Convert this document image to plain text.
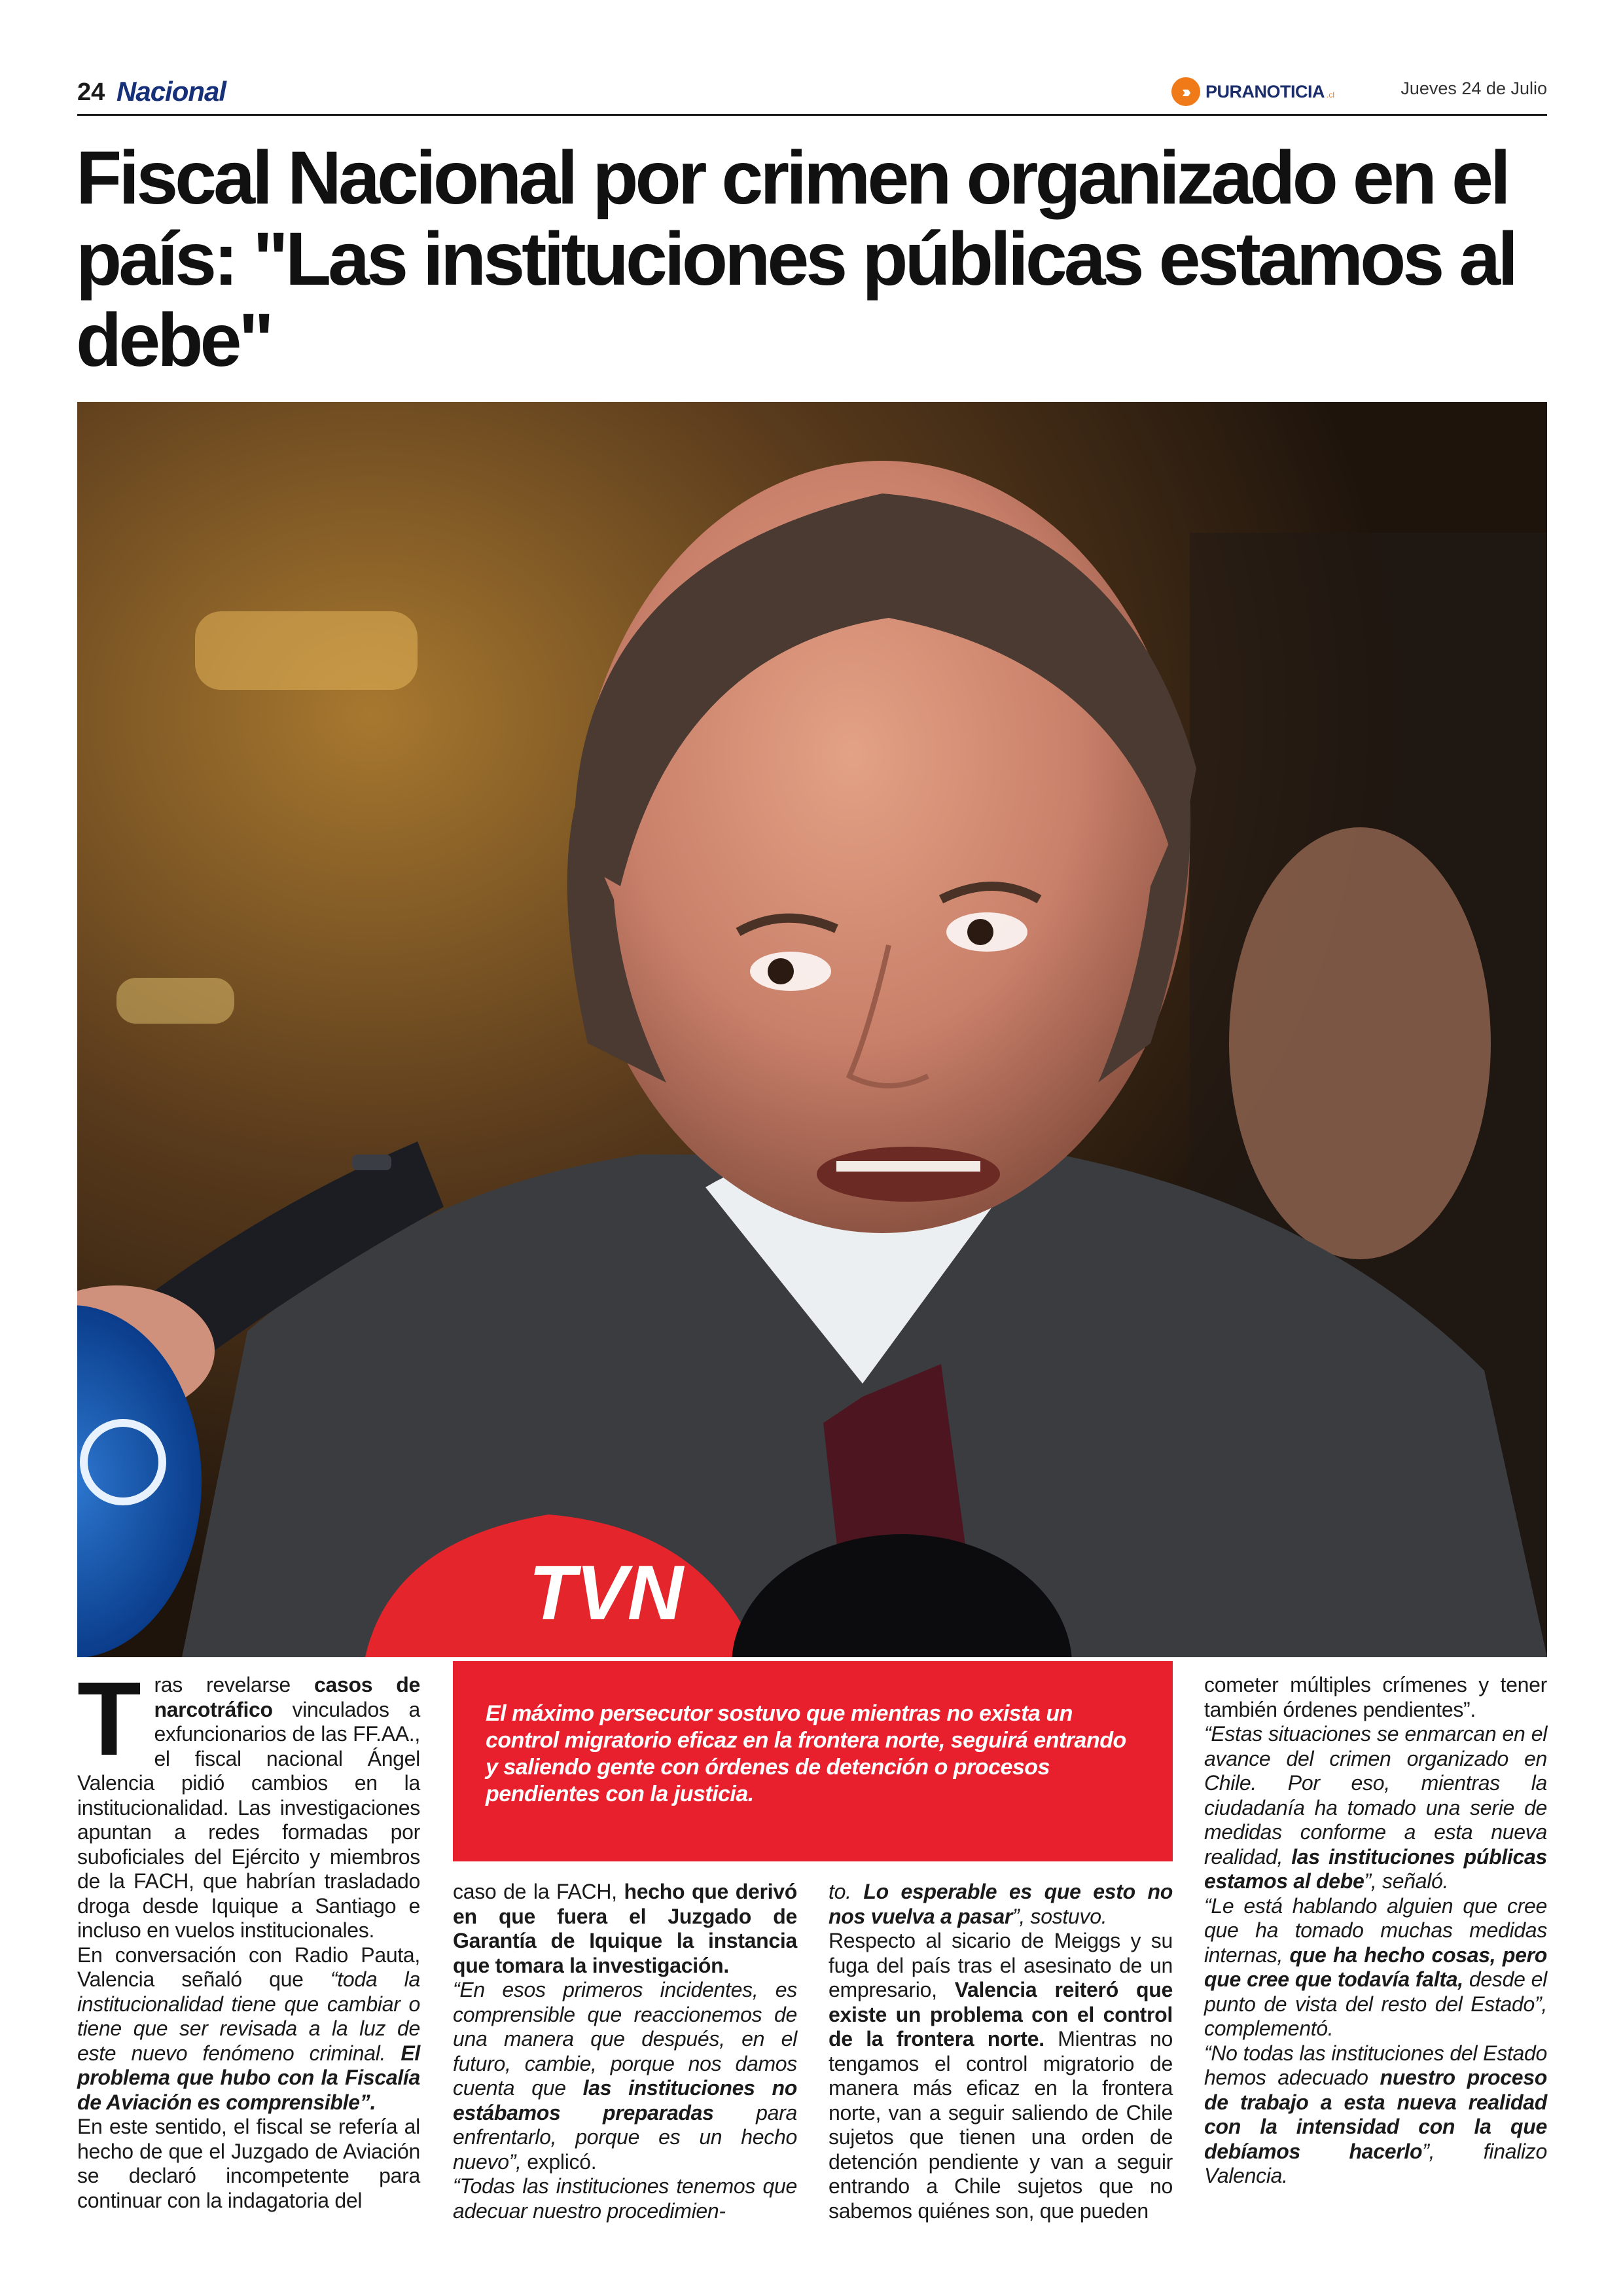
24 Nacional	›››	PURANOTICIA .cl	Jueves 24 de Julio
Fiscal Nacional por crimen organizado en el país: "Las instituciones públicas estamos al debe"
TVN
El máximo persecutor sostuvo que mientras no exista un control migratorio eficaz en la frontera norte, seguirá entrando y saliendo gente con órdenes de detención o procesos pendientes con la justicia.

Tras revelarse casos de narcotráfico vinculados a exfuncionarios de las FF.AA., el fiscal nacional Ángel Valencia pidió cambios en la institucionalidad. Las investigaciones apuntan a redes formadas por suboficiales del Ejército y miembros de la FACH, que habrían trasladado droga desde Iquique a Santiago e incluso en vuelos institucionales.

En conversación con Radio Pauta, Valencia señaló que “toda la institucionalidad tiene que cambiar o tiene que ser revisada a la luz de este nuevo fenómeno criminal. El problema que hubo con la Fiscalía de Aviación es comprensible”.

En este sentido, el fiscal se refería al hecho de que el Juzgado de Aviación se declaró incompetente para continuar con la indagatoria del

caso de la FACH, hecho que derivó en que fuera el Juzgado de Garantía de Iquique la instancia que tomara la investigación.

“En esos primeros incidentes, es comprensible que reaccionemos de una manera que después, en el futuro, cambie, porque nos damos cuenta que las instituciones no estábamos preparadas para enfrentarlo, porque es un hecho nuevo”, explicó.

“Todas las instituciones tenemos que adecuar nuestro procedimien-

to. Lo esperable es que esto no nos vuelva a pasar”, sostuvo.

Respecto al sicario de Meiggs y su fuga del país tras el asesinato de un empresario, Valencia reiteró que existe un problema con el control de la frontera norte. Mientras no tengamos el control migratorio de manera más eficaz en la frontera norte, van a seguir saliendo de Chile sujetos que tienen una orden de detención pendiente y van a seguir entrando a Chile sujetos que no sabemos quiénes son, que pueden

cometer múltiples crímenes y tener también órdenes pendientes”.

“Estas situaciones se enmarcan en el avance del crimen organizado en Chile. Por eso, mientras la ciudadanía ha tomado una serie de medidas conforme a esta nueva realidad, las instituciones públicas estamos al debe”, señaló.

“Le está hablando alguien que cree que ha tomado muchas medidas internas, que ha hecho cosas, pero que cree que todavía falta, desde el punto de vista del resto del Estado”, complementó.

“No todas las instituciones del Estado hemos adecuado nuestro proceso de trabajo a esta nueva realidad con la intensidad con la que debíamos hacerlo”, finalizo Valencia.
